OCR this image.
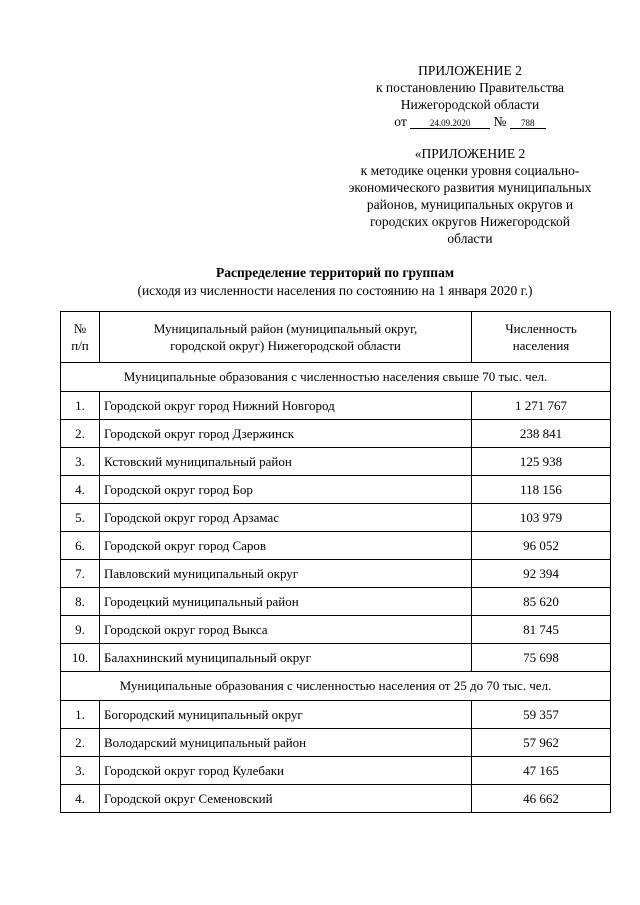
ПРИЛОЖЕНИЕ 2
к постановлению Правительства
Нижегородской области
от	24.09.2020 № 788
«ПРИЛОЖЕНИЕ 2
к методике оценки уровня социально-
экономического развития муниципальных
районов, муниципальных округов и
городских округов Нижегородской
области
Распределение территорий по группам
(исходя из численности населения по состоянию на 1 января 2020 г.)
№
п/п	Муниципальный район (муниципальный округ,
городской округ) Нижегородской области	Численность
населения
Муниципальные образования с численностью населения свыше 70 тыс. чел.		
1.	Городской округ город Нижний Новгород	1 271 767
2.	Городской округ город Дзержинск	238 841
3.	Кстовский муниципальный район	125 938
4.	Городской округ город Бор	118 156
5.	Городской округ город Арзамас	103 979
6.	Городской округ город Саров	96 052
7.	Павловский муниципальный округ	92 394
8.	Городецкий муниципальный район	85 620
9.	Городской округ город Выкса	81 745
10.	Балахнинский муниципальный округ	75 698
Муниципальные образования с численностью населения от 25 до 70 тыс. чел.		
1.	Богородский муниципальный округ	59 357
2.	Володарский муниципальный район	57 962
3.	Городской округ город Кулебаки	47 165
4.	Городской округ Семеновский	46 662
